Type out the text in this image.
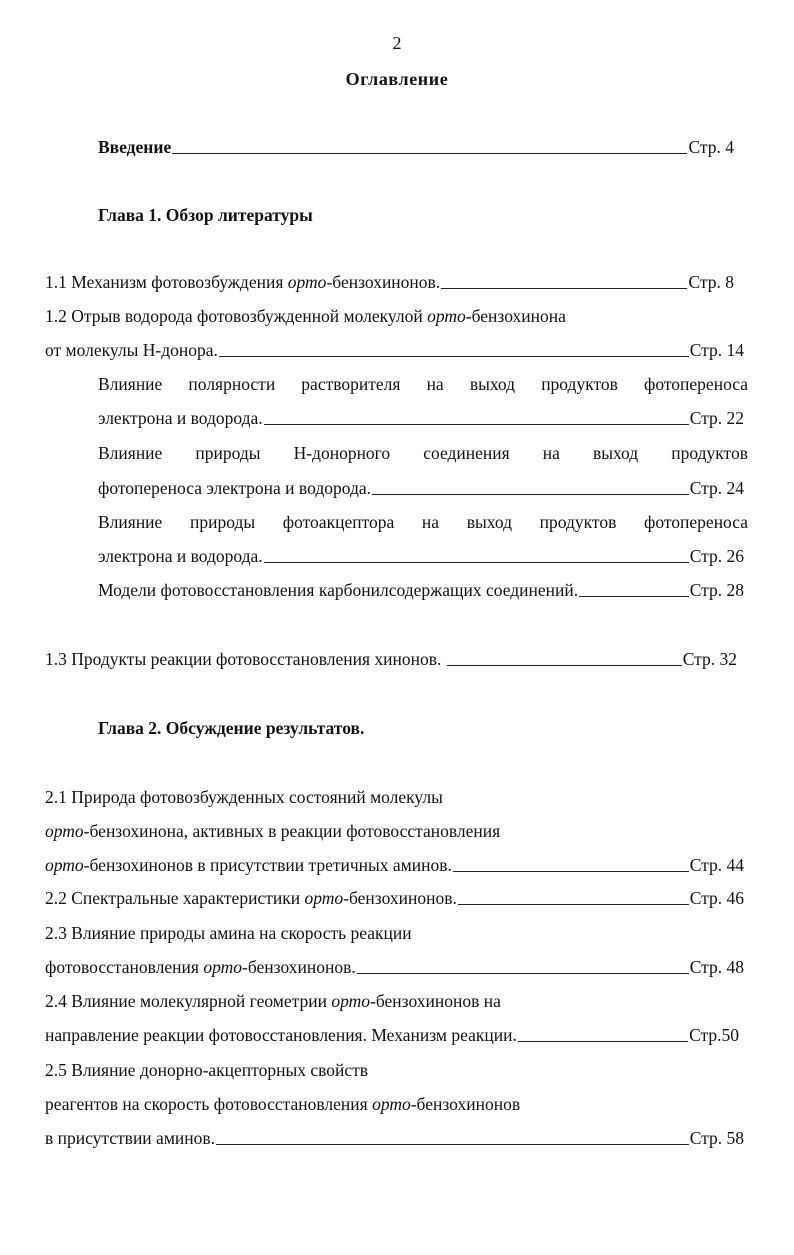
2
Оглавление
Введение	Стр. 4
Глава 1. Обзор литературы
1.1 Механизм фотовозбуждения орто-бензохинонов.	Стр. 8
1.2 Отрыв водорода фотовозбужденной молекулой орто-бензохинона
от молекулы Н-донора.	Стр. 14
Влияние полярности растворителя на выход продуктов фотопереноса
электрона и водорода.	Стр. 22
Влияние природы Н-донорного соединения на выход продуктов
фотопереноса электрона и водорода.	Стр. 24
Влияние природы фотоакцептора на выход продуктов фотопереноса
электрона и водорода.	Стр. 26
Модели фотовосстановления карбонилсодержащих соединений.	Стр. 28
1.3 Продукты реакции фотовосстановления хинонов.	Стр. 32
Глава 2. Обсуждение результатов.
2.1 Природа фотовозбужденных состояний молекулы
орто-бензохинона, активных в реакции фотовосстановления
орто-бензохинонов в присутствии третичных аминов.	Стр. 44
2.2 Спектральные характеристики орто-бензохинонов.	Стр. 46
2.3 Влияние природы амина на скорость реакции
фотовосстановления орто-бензохинонов.	Стр. 48
2.4 Влияние молекулярной геометрии орто-бензохинонов на
направление реакции фотовосстановления. Механизм реакции.	Стр.50
2.5 Влияние донорно-акцепторных свойств
реагентов на скорость фотовосстановления орто-бензохинонов
в присутствии аминов.	Стр. 58
